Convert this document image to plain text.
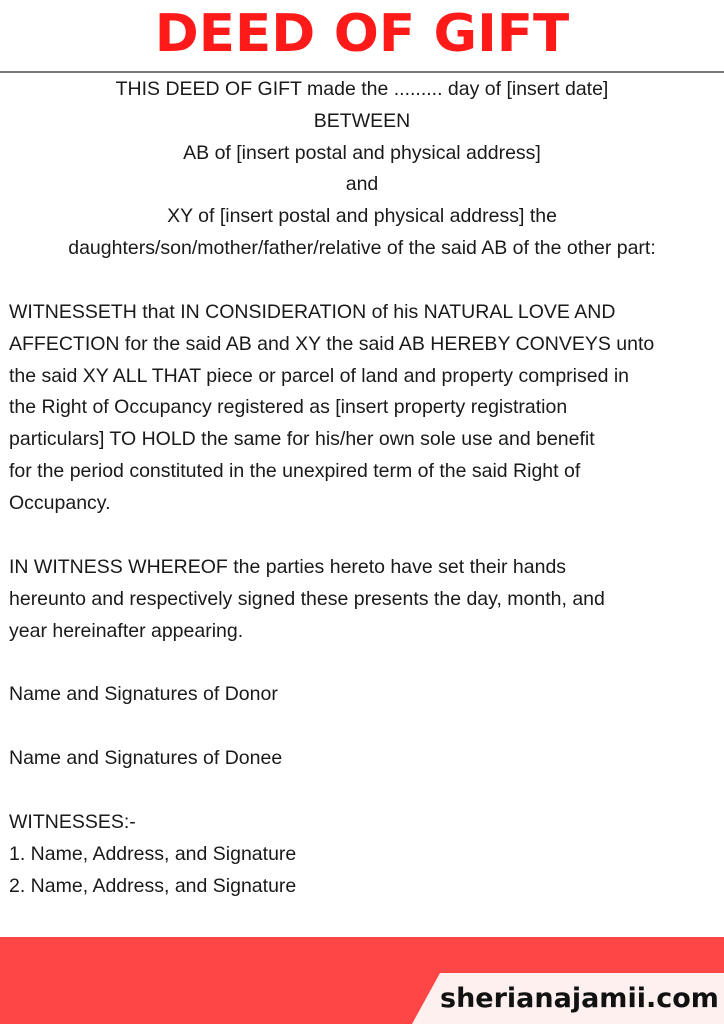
DEED OF GIFT
THIS DEED OF GIFT made the ......... day of [insert date]
BETWEEN
AB of [insert postal and physical address]
and
XY of [insert postal and physical address] the
daughters/son/mother/father/relative of the said AB of the other part:
WITNESSETH that IN CONSIDERATION of his NATURAL LOVE AND
AFFECTION for the said AB and XY the said AB HEREBY CONVEYS unto
the said XY ALL THAT piece or parcel of land and property comprised in
the Right of Occupancy registered as [insert property registration
particulars] TO HOLD the same for his/her own sole use and benefit
for the period constituted in the unexpired term of the said Right of
Occupancy.
IN WITNESS WHEREOF the parties hereto have set their hands
hereunto and respectively signed these presents the day, month, and
year hereinafter appearing.
Name and Signatures of Donor
Name and Signatures of Donee
WITNESSES:-
1. Name, Address, and Signature
2. Name, Address, and Signature
sherianajamii.com
